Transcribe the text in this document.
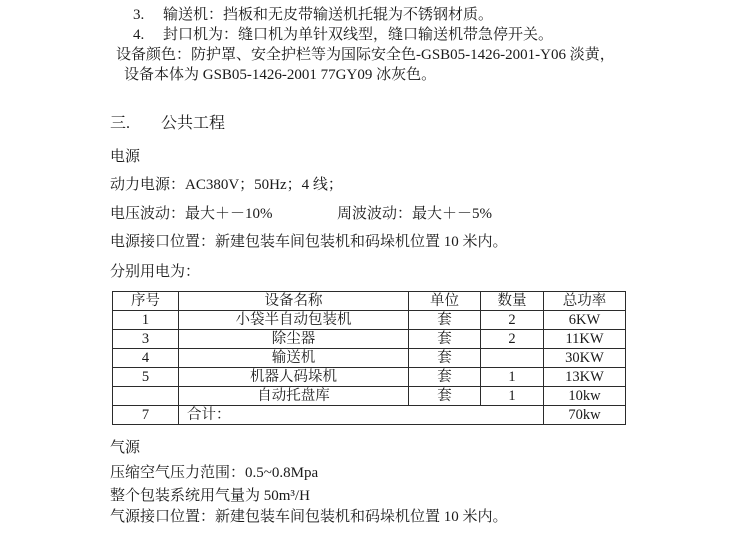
3. 输送机：挡板和无皮带输送机托辊为不锈钢材质。
4. 封口机为：缝口机为单针双线型，缝口输送机带急停开关。
设备颜色：防护罩、安全护栏等为国际安全色-GSB05-1426-2001-Y06 淡黄，
设备本体为 GSB05-1426-2001 77GY09 冰灰色。
三. 公共工程
电源
动力电源：AC380V；50Hz；4 线；
电压波动：最大＋－10%	周波波动：最大＋－5%
电源接口位置：新建包装车间包装机和码垛机位置 10 米内。
分别用电为：
序号	设备名称	单位	数量	总功率
1	小袋半自动包装机	套	2	6KW
3	除尘器	套	2	11KW
4	输送机	套		30KW
5	机器人码垛机	套	1	13KW
	自动托盘库	套	1	10kw
7	合计：			70kw
气源
压缩空气压力范围：0.5~0.8Mpa
整个包装系统用气量为 50m³/H
气源接口位置：新建包装车间包装机和码垛机位置 10 米内。
